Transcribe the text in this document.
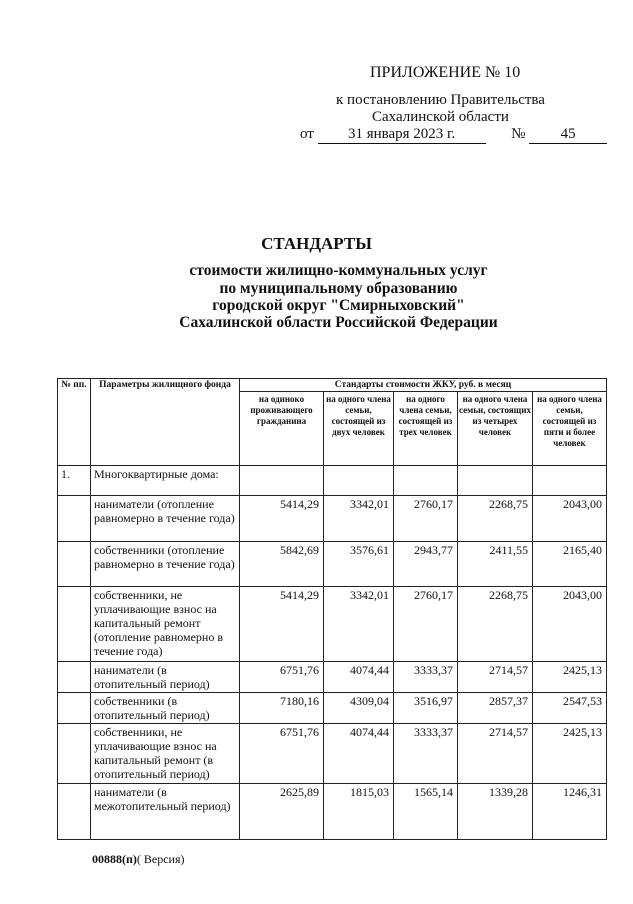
ПРИЛОЖЕНИЕ № 10
к постановлению Правительства
Сахалинской области
от 31 января 2023 г.	№ 45
СТАНДАРТЫ
стоимости жилищно-коммунальных услуг
по муниципальному образованию
городской округ "Смирныховский"
Сахалинской области Российской Федерации
№ пп.	Параметры жилищного фонда	Стандарты стоимости ЖКУ, руб. в месяц				
		на одиноко проживающего гражданина	на одного члена семьи, состоящей из двух человек	на одного члена семьи, состоящей из трех человек	на одного члена семьи, состоящих из четырех человек	на одного члена семьи, состоящей из пяти и более человек
1.	Многоквартирные дома:					
	наниматели (отопление равномерно в течение года)	5414,29	3342,01	2760,17	2268,75	2043,00
	собственники (отопление равномерно в течение года)	5842,69	3576,61	2943,77	2411,55	2165,40
	собственники, не уплачивающие взнос на капитальный ремонт (отопление равномерно в течение года)	5414,29	3342,01	2760,17	2268,75	2043,00
	наниматели (в отопительный период)	6751,76	4074,44	3333,37	2714,57	2425,13
	собственники (в отопительный период)	7180,16	4309,04	3516,97	2857,37	2547,53
	собственники, не уплачивающие взнос на капитальный ремонт (в отопительный период)	6751,76	4074,44	3333,37	2714,57	2425,13
	наниматели (в межотопительный период)	2625,89	1815,03	1565,14	1339,28	1246,31
00888(п)( Версия)
